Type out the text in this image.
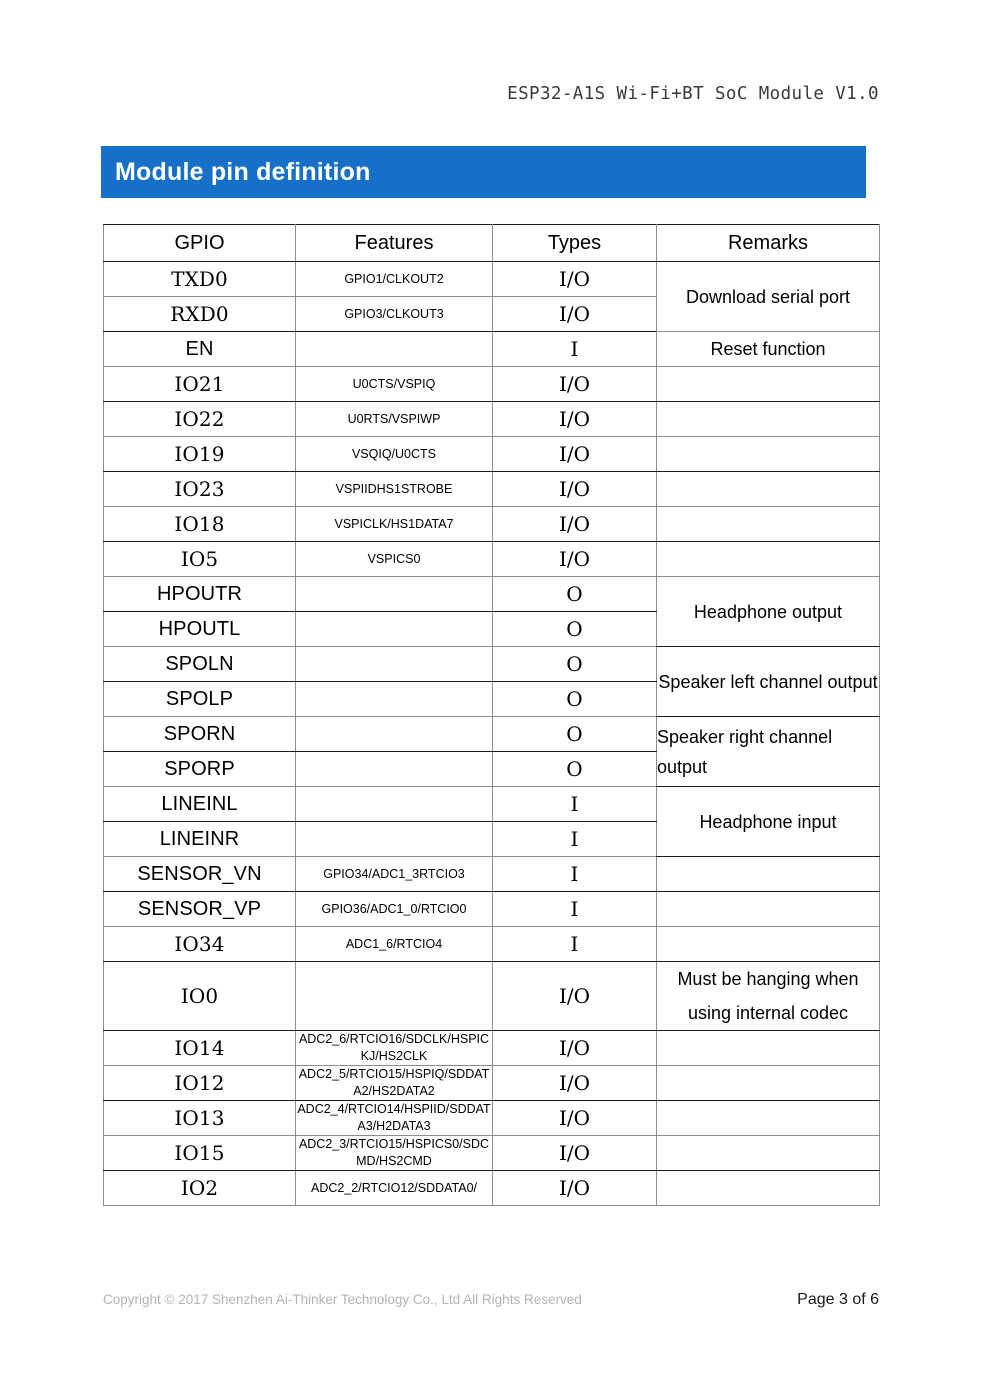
ESP32-A1S Wi-Fi+BT SoC Module V1.0
Module pin definition
GPIO	Features	Types	Remarks
TXD0	GPIO1/CLKOUT2	I/O	Download serial port
RXD0	GPIO3/CLKOUT3	I/O	
EN		I	Reset function
IO21	U0CTS/VSPIQ	I/O	
IO22	U0RTS/VSPIWP	I/O	
IO19	VSQIQ/U0CTS	I/O	
IO23	VSPIIDHS1STROBE	I/O	
IO18	VSPICLK/HS1DATA7	I/O	
IO5	VSPICS0	I/O	
HPOUTR		O	Headphone output
HPOUTL		O	
SPOLN		O	Speaker left channel output
SPOLP		O	
SPORN		O	Speaker right channel output
SPORP		O	
LINEINL		I	Headphone input
LINEINR		I	
SENSOR_VN	GPIO34/ADC1_3RTCIO3	I	
SENSOR_VP	GPIO36/ADC1_0/RTCIO0	I	
IO34	ADC1_6/RTCIO4	I	
IO0		I/O	Must be hanging when using internal codec
IO14	ADC2_6/RTCIO16/SDCLK/HSPICKJ/HS2CLK	I/O	
IO12	ADC2_5/RTCIO15/HSPIQ/SDDATA2/HS2DATA2	I/O	
IO13	ADC2_4/RTCIO14/HSPIID/SDDATA3/H2DATA3	I/O	
IO15	ADC2_3/RTCIO15/HSPICS0/SDCMD/HS2CMD	I/O	
IO2	ADC2_2/RTCIO12/SDDATA0/	I/O	
Copyright © 2017 Shenzhen Ai-Thinker Technology Co., Ltd All Rights Reserved	Page 3 of 6
